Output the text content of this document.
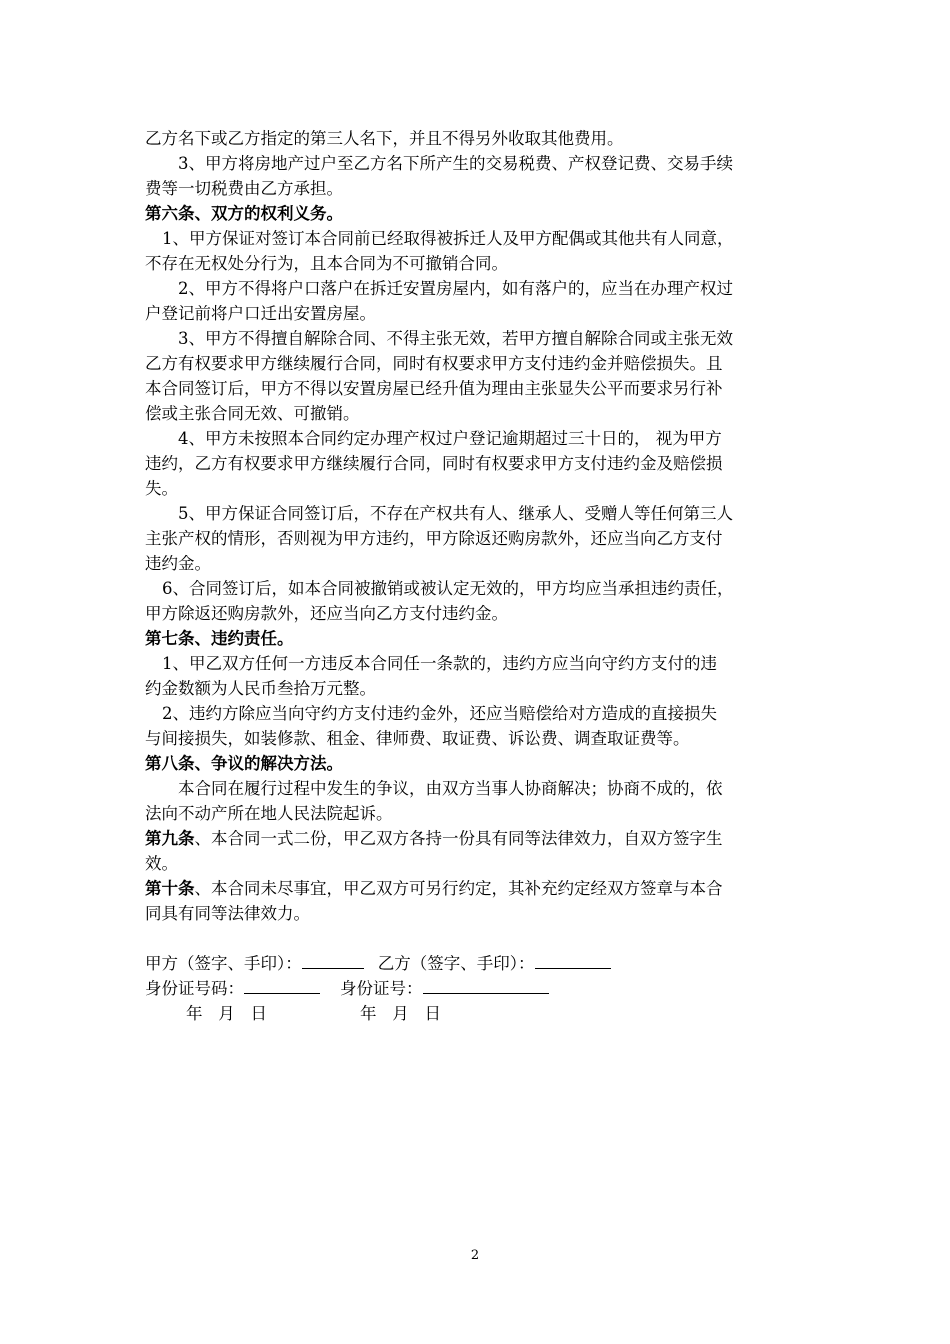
乙方名下或乙方指定的第三人名下，并且不得另外收取其他费用。
3、甲方将房地产过户至乙方名下所产生的交易税费、产权登记费、交易手续
费等一切税费由乙方承担。
第六条、双方的权利义务。
1、甲方保证对签订本合同前已经取得被拆迁人及甲方配偶或其他共有人同意，
不存在无权处分行为，且本合同为不可撤销合同。
2、甲方不得将户口落户在拆迁安置房屋内，如有落户的，应当在办理产权过
户登记前将户口迁出安置房屋。
3、甲方不得擅自解除合同、不得主张无效，若甲方擅自解除合同或主张无效
乙方有权要求甲方继续履行合同，同时有权要求甲方支付违约金并赔偿损失。且
本合同签订后，甲方不得以安置房屋已经升值为理由主张显失公平而要求另行补
偿或主张合同无效、可撤销。
4、甲方未按照本合同约定办理产权过户登记逾期超过三十日的， 视为甲方
违约，乙方有权要求甲方继续履行合同，同时有权要求甲方支付违约金及赔偿损
失。
5、甲方保证合同签订后，不存在产权共有人、继承人、受赠人等任何第三人
主张产权的情形，否则视为甲方违约，甲方除返还购房款外，还应当向乙方支付
违约金。
6、合同签订后，如本合同被撤销或被认定无效的，甲方均应当承担违约责任，
甲方除返还购房款外，还应当向乙方支付违约金。
第七条、违约责任。
1、甲乙双方任何一方违反本合同任一条款的，违约方应当向守约方支付的违
约金数额为人民币叁拾万元整。
2、违约方除应当向守约方支付违约金外，还应当赔偿给对方造成的直接损失
与间接损失，如装修款、租金、律师费、取证费、诉讼费、调查取证费等。
第八条、争议的解决方法。
本合同在履行过程中发生的争议，由双方当事人协商解决；协商不成的，依
法向不动产所在地人民法院起诉。
第九条、本合同一式二份，甲乙双方各持一份具有同等法律效力，自双方签字生
效。
第十条、本合同未尽事宜，甲乙双方可另行约定，其补充约定经双方签章与本合
同具有同等法律效力。
甲方（签字、手印）：	乙方（签字、手印）：
身份证号码：	身份证号：
年   月   日	年   月   日
2
